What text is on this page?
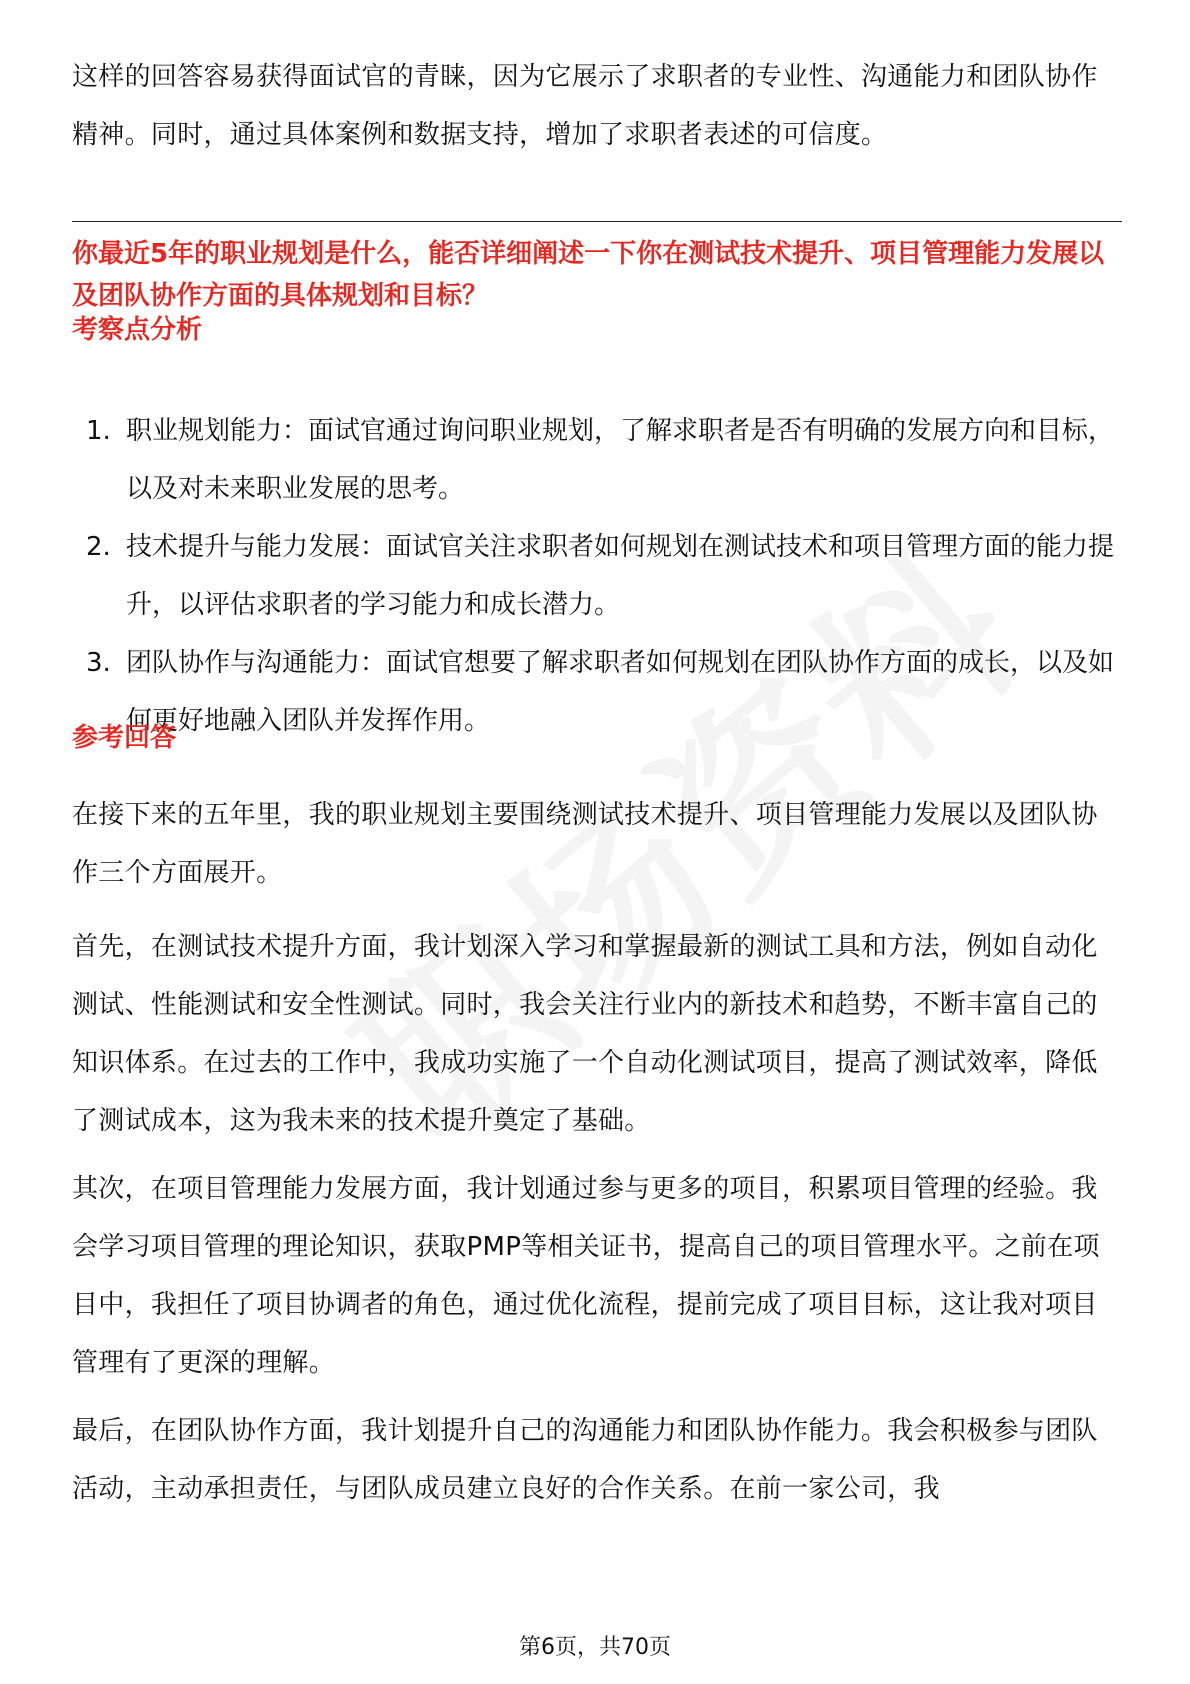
这样的回答容易获得面试官的青睐，因为它展示了求职者的专业性、沟通能力和团队协作精神。同时，通过具体案例和数据支持，增加了求职者表述的可信度。

你最近5年的职业规划是什么，能否详细阐述一下你在测试技术提升、项目管理能力发展以及团队协作方面的具体规划和目标？

考察点分析

1. 职业规划能力：面试官通过询问职业规划，了解求职者是否有明确的发展方向和目标，以及对未来职业发展的思考。
2. 技术提升与能力发展：面试官关注求职者如何规划在测试技术和项目管理方面的能力提升，以评估求职者的学习能力和成长潜力。
3. 团队协作与沟通能力：面试官想要了解求职者如何规划在团队协作方面的成长，以及如何更好地融入团队并发挥作用。

参考回答

在接下来的五年里，我的职业规划主要围绕测试技术提升、项目管理能力发展以及团队协作三个方面展开。

首先，在测试技术提升方面，我计划深入学习和掌握最新的测试工具和方法，例如自动化测试、性能测试和安全性测试。同时，我会关注行业内的新技术和趋势，不断丰富自己的知识体系。在过去的工作中，我成功实施了一个自动化测试项目，提高了测试效率，降低了测试成本，这为我未来的技术提升奠定了基础。

其次，在项目管理能力发展方面，我计划通过参与更多的项目，积累项目管理的经验。我会学习项目管理的理论知识，获取PMP等相关证书，提高自己的项目管理水平。之前在项目中，我担任了项目协调者的角色，通过优化流程，提前完成了项目目标，这让我对项目管理有了更深的理解。

最后，在团队协作方面，我计划提升自己的沟通能力和团队协作能力。我会积极参与团队活动，主动承担责任，与团队成员建立良好的合作关系。在前一家公司，我

第6页，共70页
